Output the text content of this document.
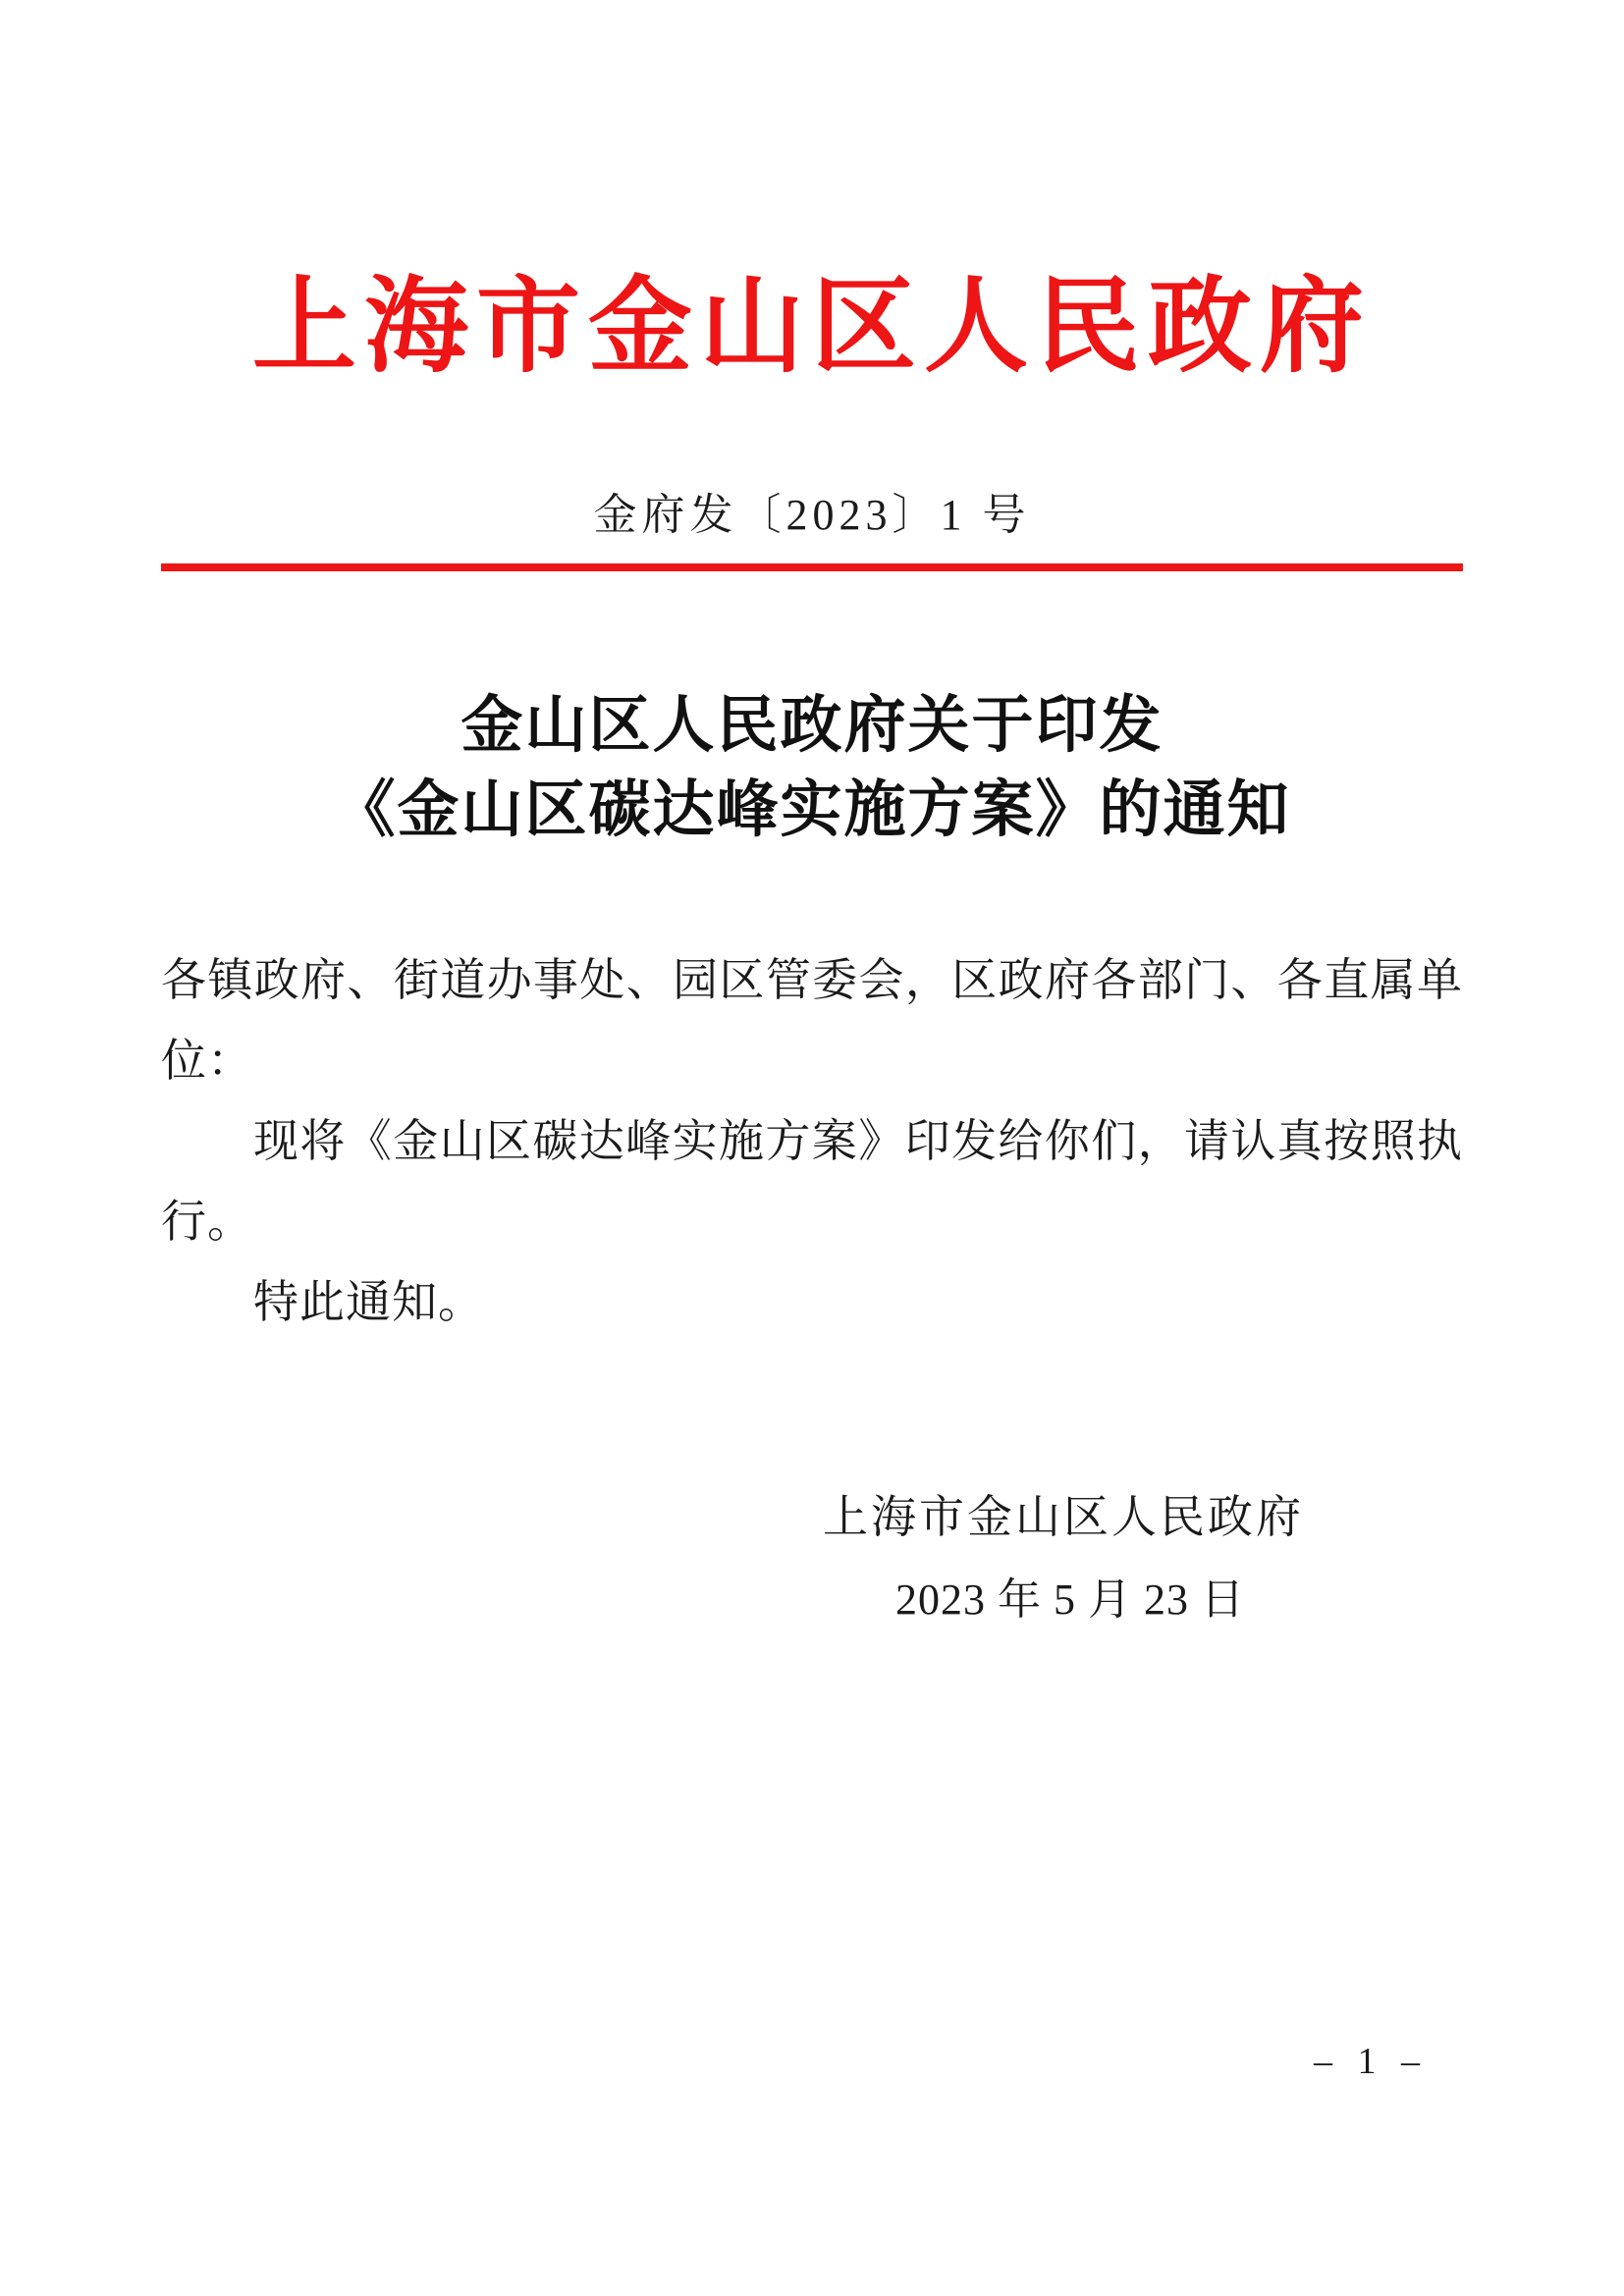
上海市金山区人民政府
金府发〔2023〕1 号
金山区人民政府关于印发
《金山区碳达峰实施方案》的通知
各镇政府、街道办事处、园区管委会，区政府各部门、各直属单
位：
现将《金山区碳达峰实施方案》印发给你们，请认真按照执
行。
特此通知。
上海市金山区人民政府
2023 年 5 月 23 日
– 1 –
